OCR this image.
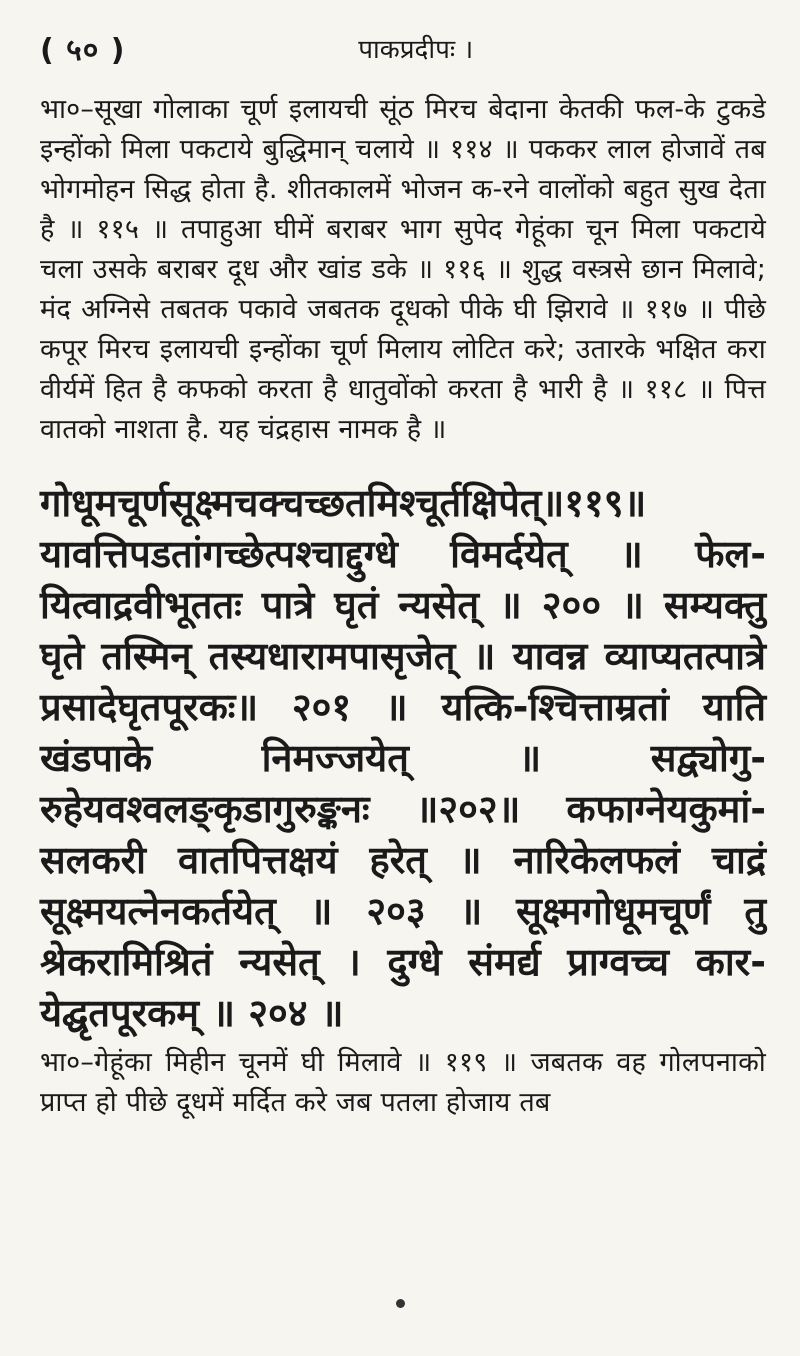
( ५० )	पाकप्रदीपः ।
भा०–सूखा गोलाका चूर्ण इलायची सूंठ मिरच बेदाना केतकी फल-के टुकडे इन्होंको मिला पकटाये बुद्धिमान् चलाये ॥ ११४ ॥ पककर लाल होजावें तब भोगमोहन सिद्ध होता है. शीतकालमें भोजन क-रने वालोंको बहुत सुख देता है ॥ ११५ ॥ तपाहुआ घीमें बराबर भाग सुपेद गेहूंका चून मिला पकटाये चला उसके बराबर दूध और खांड डके ॥ ११६ ॥ शुद्ध वस्त्रसे छान मिलावे; मंद अग्निसे तबतक पकावे जबतक दूधको पीके घी झिरावे ॥ ११७ ॥ पीछे कपूर मिरच इलायची इन्होंका चूर्ण मिलाय लोटित करे; उतारके भक्षित करा वीर्यमें हित है कफको करता है धातुवोंको करता है भारी है ॥ ११८ ॥ पित्त वातको नाशता है. यह चंद्रहास नामक है ॥
गोधूमचूर्णसूक्ष्मचक्चच्छतमिश्चूर्तक्षिपेत्॥११९॥ यावत्तिपडतांगच्छेत्पश्चाद्दुग्धे विमर्दयेत् ॥ फेल-यित्वाद्रवीभूततः पात्रे घृतं न्यसेत् ॥ २०० ॥ सम्यक्तु घृते तस्मिन् तस्यधारामपासृजेत् ॥ यावन्न व्याप्यतत्पात्रे प्रसादेघृतपूरकः॥ २०१ ॥ यत्कि-श्चित्ताम्रतां याति खंडपाके निमज्जयेत् ॥ सद्व्योगु-रुहेयवश्वलङ्कृडागुरुङ्कनः ॥२०२॥ कफाग्नेयकुमां-सलकरी वातपित्तक्षयं हरेत् ॥ नारिकेलफलं चाद्रं सूक्ष्मयत्नेनकर्तयेत् ॥ २०३ ॥ सूक्ष्मगोधूमचूर्णं तु श्रेकरामिश्रितं न्यसेत् । दुग्धे संमर्द्य प्राग्वच्च कार-येद्घृतपूरकम् ॥ २०४ ॥
भा०–गेहूंका मिहीन चूनमें घी मिलावे ॥ ११९ ॥ जबतक वह गोलपनाको प्राप्त हो पीछे दूधमें मर्दित करे जब पतला होजाय तब
